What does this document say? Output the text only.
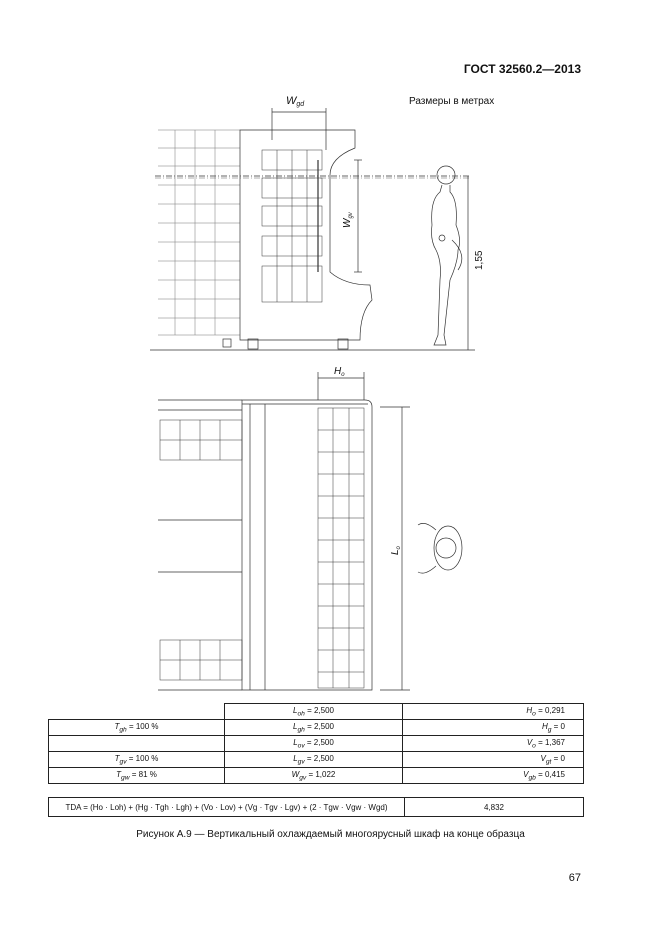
ГОСТ 32560.2—2013
Размеры в метрах
Wgd
$W_{gv}$
1,55
$H_o$
$L_o$
	$L_{oh} = 2,500$	$H_o = 0,291$
$T_{gh} = 100$ %	$L_{gh} = 2,500$	$H_g = 0$
	$L_{ov} = 2,500$	$V_o = 1,367$
$T_{gv} = 100$ %	$L_{gv} = 2,500$	$V_{gt} = 0$
$T_{gw} = 81$ %	$W_{gv} = 1,022$	$V_{gb} = 0,415$
TDA = (Ho · Loh) + (Hg · Tgh · Lgh) + (Vo · Lov) + (Vg · Tgv · Lgv) + (2 · Tgw · Vgw · Wgd)	4,832
Рисунок А.9 — Вертикальный охлаждаемый многоярусный шкаф на конце образца
67
